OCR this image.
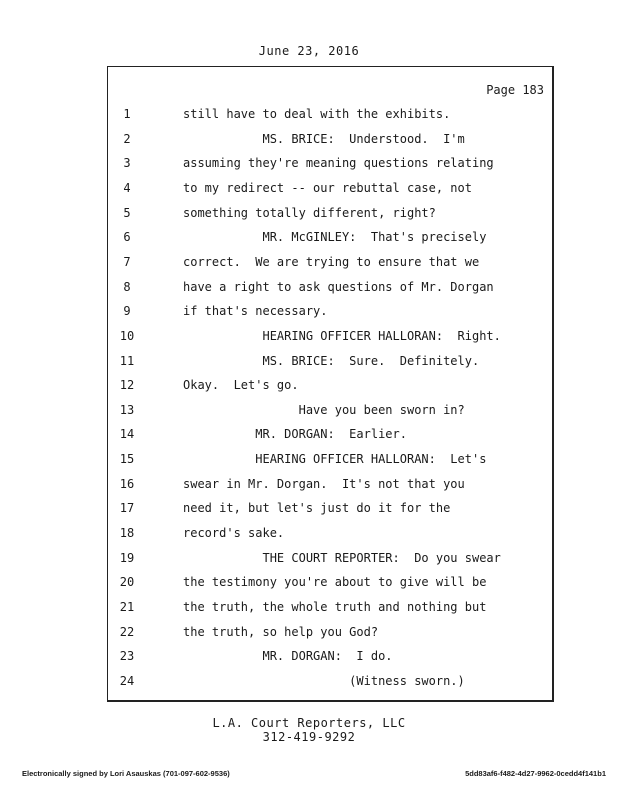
June 23, 2016
Page 183
1	still have to deal with the exhibits.
2	MS. BRICE:  Understood.  I'm
3	assuming they're meaning questions relating
4	to my redirect -- our rebuttal case, not
5	something totally different, right?
6	MR. McGINLEY:  That's precisely
7	correct.  We are trying to ensure that we
8	have a right to ask questions of Mr. Dorgan
9	if that's necessary.
10	HEARING OFFICER HALLORAN:  Right.
11	MS. BRICE:  Sure.  Definitely.
12	Okay.  Let's go.
13	Have you been sworn in?
14	MR. DORGAN:  Earlier.
15	HEARING OFFICER HALLORAN:  Let's
16	swear in Mr. Dorgan.  It's not that you
17	need it, but let's just do it for the
18	record's sake.
19	THE COURT REPORTER:  Do you swear
20	the testimony you're about to give will be
21	the truth, the whole truth and nothing but
22	the truth, so help you God?
23	MR. DORGAN:  I do.
24	(Witness sworn.)
L.A. Court Reporters, LLC
312-419-9292
Electronically signed by Lori Asauskas (701-097-602-9536)	5dd83af6-f482-4d27-9962-0cedd4f141b1
